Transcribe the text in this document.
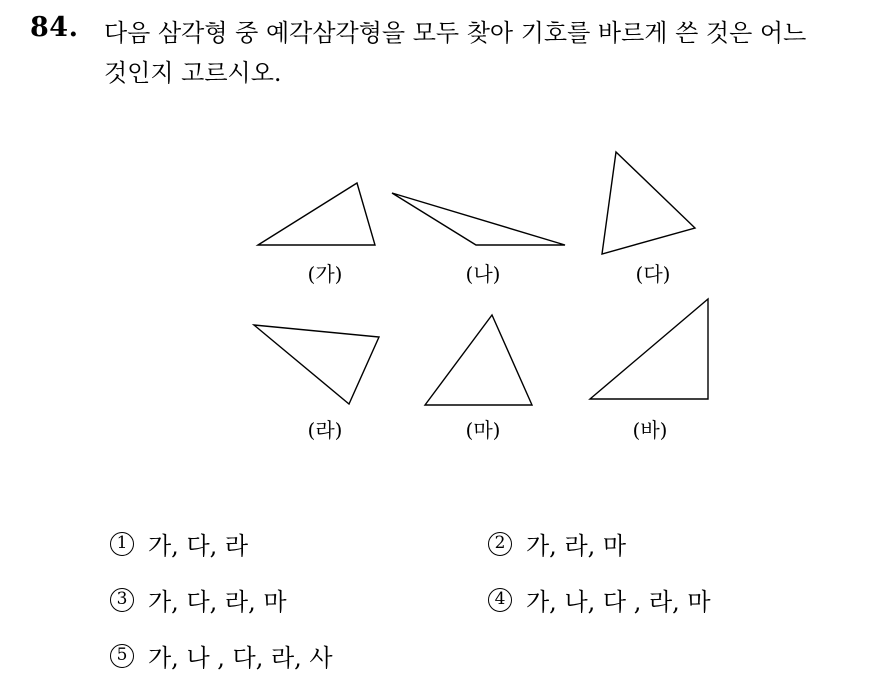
84. 다음 삼각형 중 예각삼각형을 모두 찾아 기호를 바르게 쓴 것은 어느
것인지 고르시오.
(가)	(나)	(다)
(라)	(마)	(바)
1 가, 다, 라	2 가, 라, 마
3 가, 다, 라, 마	4 가, 나, 다 , 라, 마
5 가, 나 , 다, 라, 사
